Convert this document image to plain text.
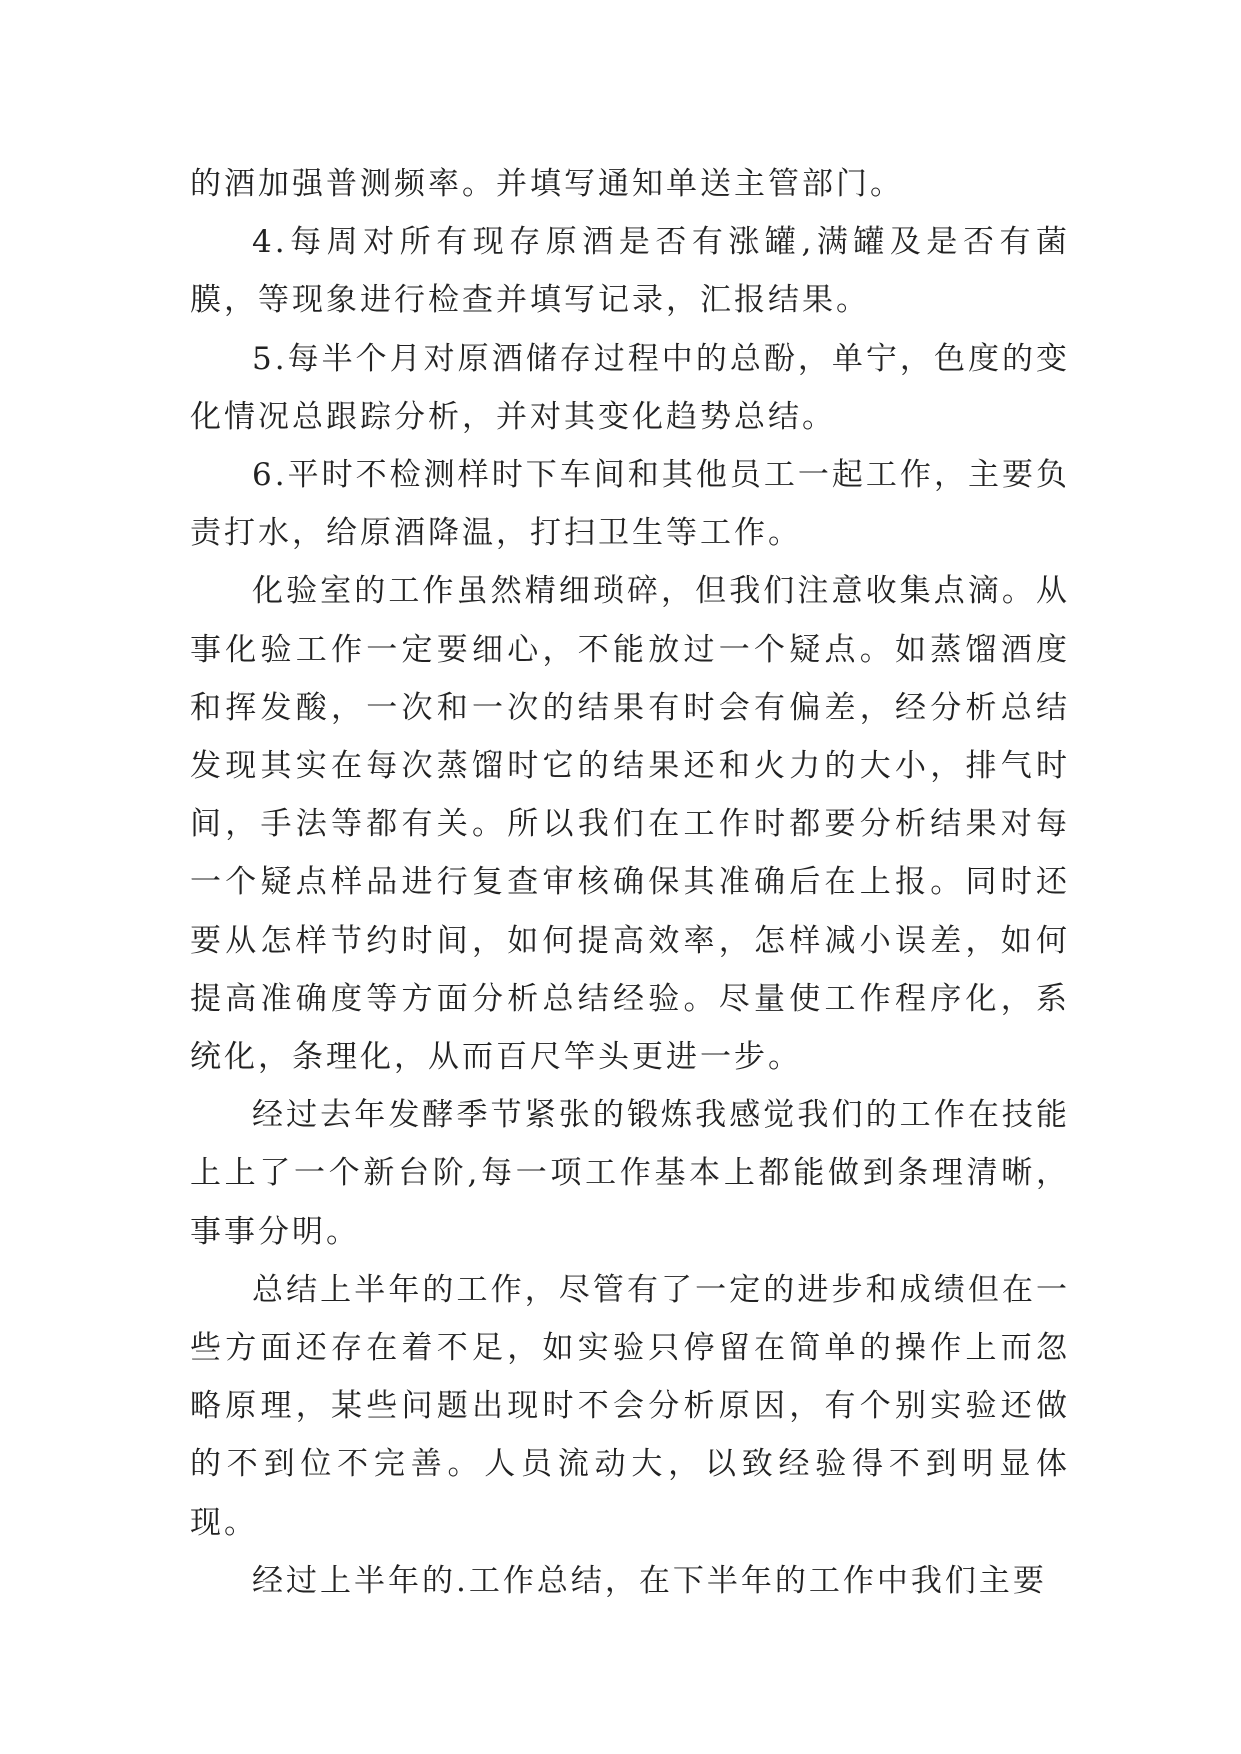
的酒加强普测频率。并填写通知单送主管部门。

4.每周对所有现存原酒是否有涨罐,满罐及是否有菌膜，等现象进行检查并填写记录，汇报结果。

5.每半个月对原酒储存过程中的总酚，单宁，色度的变化情况总跟踪分析，并对其变化趋势总结。

6.平时不检测样时下车间和其他员工一起工作，主要负责打水，给原酒降温，打扫卫生等工作。

化验室的工作虽然精细琐碎，但我们注意收集点滴。从事化验工作一定要细心，不能放过一个疑点。如蒸馏酒度和挥发酸，一次和一次的结果有时会有偏差，经分析总结发现其实在每次蒸馏时它的结果还和火力的大小，排气时间，手法等都有关。所以我们在工作时都要分析结果对每一个疑点样品进行复查审核确保其准确后在上报。同时还要从怎样节约时间，如何提高效率，怎样减小误差，如何提高准确度等方面分析总结经验。尽量使工作程序化，系统化，条理化，从而百尺竿头更进一步。

经过去年发酵季节紧张的锻炼我感觉我们的工作在技能上上了一个新台阶,每一项工作基本上都能做到条理清晰，事事分明。

总结上半年的工作，尽管有了一定的进步和成绩但在一些方面还存在着不足，如实验只停留在简单的操作上而忽略原理，某些问题出现时不会分析原因，有个别实验还做的不到位不完善。人员流动大，以致经验得不到明显体现。

经过上半年的.工作总结，在下半年的工作中我们主要
